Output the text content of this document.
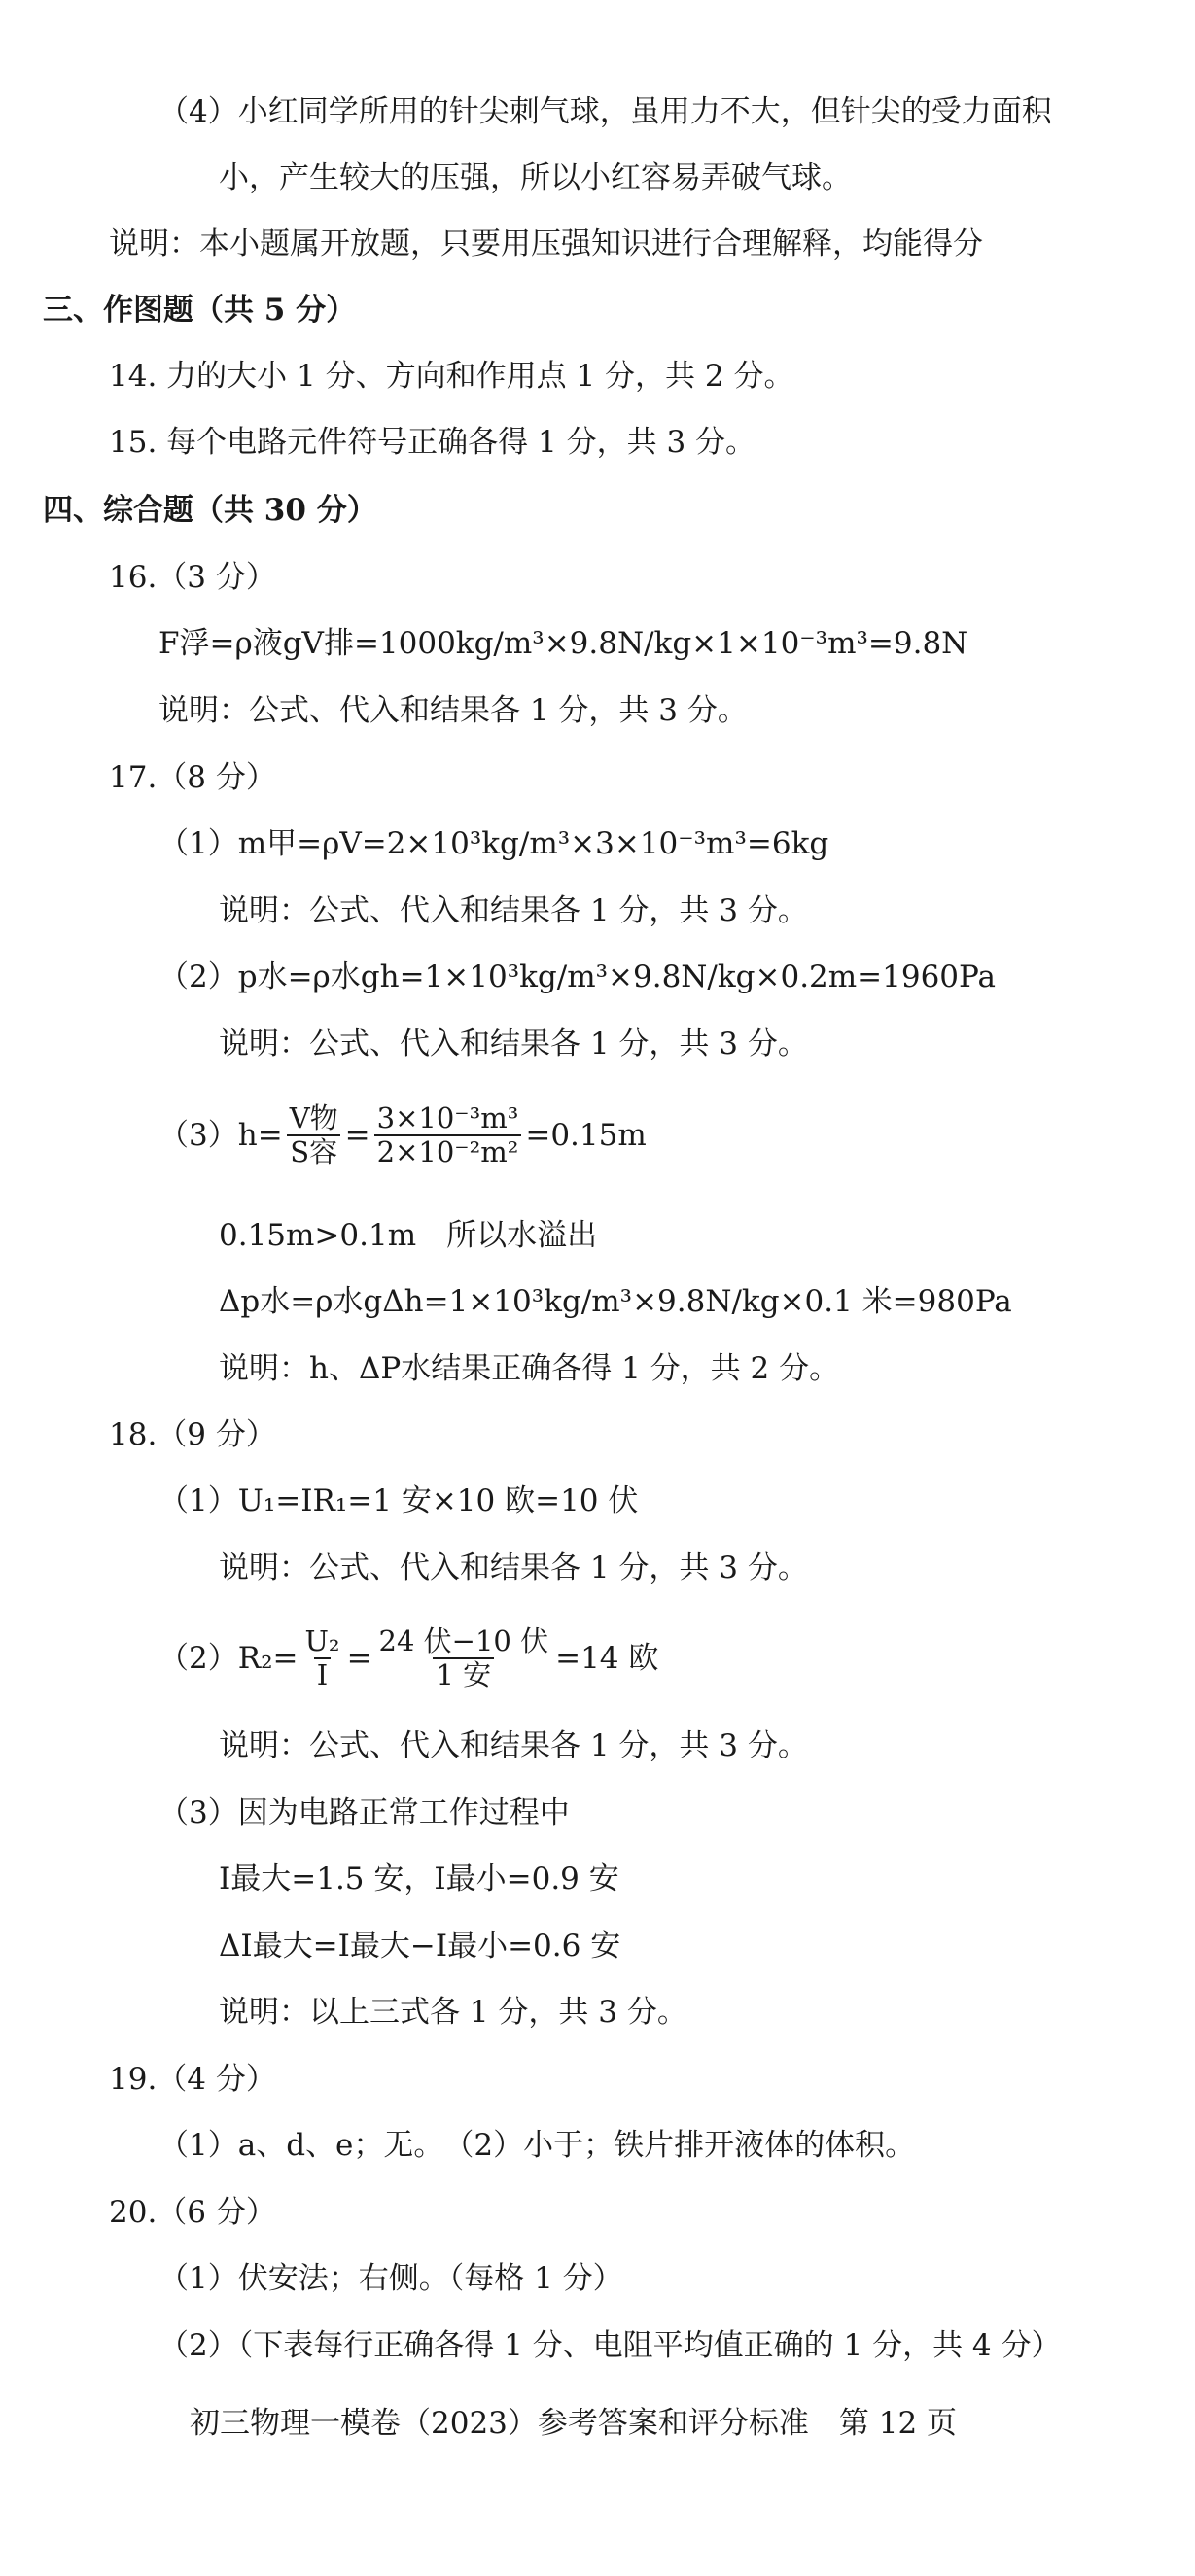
（4）小红同学所用的针尖刺气球，虽用力不大，但针尖的受力面积
小，产生较大的压强，所以小红容易弄破气球。
说明：本小题属开放题，只要用压强知识进行合理解释，均能得分
三、作图题（共 5 分）
14. 力的大小 1 分、方向和作用点 1 分，共 2 分。
15. 每个电路元件符号正确各得 1 分，共 3 分。
四、综合题（共 30 分）
16.（3 分）
F浮=ρ液gV排=1000kg/m³×9.8N/kg×1×10⁻³m³=9.8N
说明：公式、代入和结果各 1 分，共 3 分。
17.（8 分）
（1）m甲=ρV=2×10³kg/m³×3×10⁻³m³=6kg
说明：公式、代入和结果各 1 分，共 3 分。
（2）p水=ρ水gh=1×10³kg/m³×9.8N/kg×0.2m=1960Pa
说明：公式、代入和结果各 1 分，共 3 分。
（3） $h= \frac{\text{V物}}{\text{S容}} = \frac{\text{3×10⁻³m³}}{\text{2×10⁻²m²}} =0.15m$
0.15m>0.1m　所以水溢出
Δp水=ρ水gΔh=1×10³kg/m³×9.8N/kg×0.1 米=980Pa
说明：h、ΔP水结果正确各得 1 分，共 2 分。
18.（9 分）
（1）U₁=IR₁=1 安×10 欧=10 伏
说明：公式、代入和结果各 1 分，共 3 分。
（2） $R_2= \frac{\text{U₂}}{I} = \frac{\text{24 伏−10 伏}}{\text{1 安}} =14$ 欧
说明：公式、代入和结果各 1 分，共 3 分。
（3）因为电路正常工作过程中
I最大=1.5 安，I最小=0.9 安
ΔI最大=I最大−I最小=0.6 安
说明：以上三式各 1 分，共 3 分。
19.（4 分）
（1）a、d、e；无。　（2）小于；铁片排开液体的体积。
20.（6 分）
（1）伏安法；右侧。（每格 1 分）
（2）（下表每行正确各得 1 分、电阻平均值正确的 1 分，共 4 分）
初三物理一模卷（2023）参考答案和评分标准　第 12 页
